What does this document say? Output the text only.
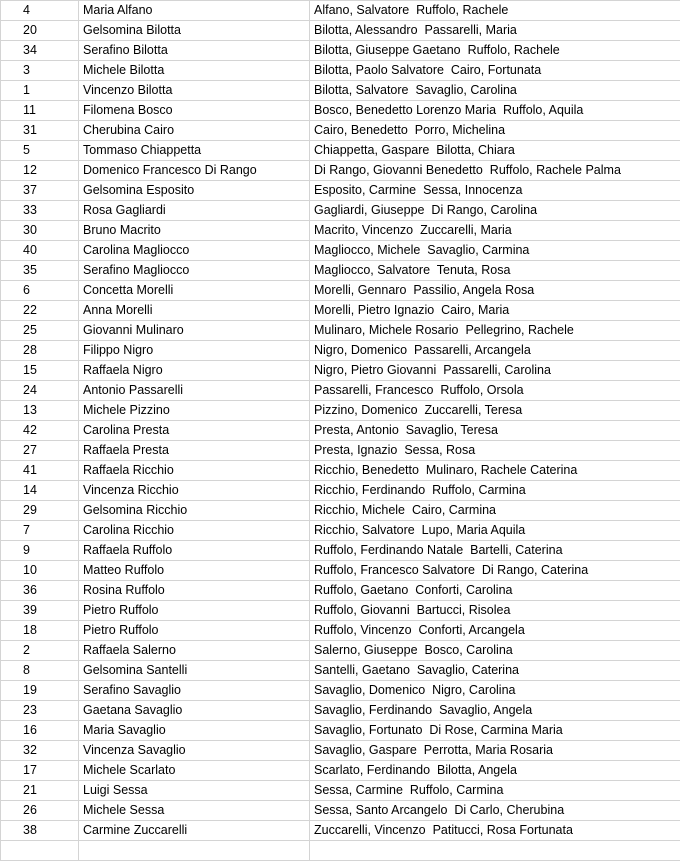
4	Maria Alfano	Alfano, Salvatore  Ruffolo, Rachele
20	Gelsomina Bilotta	Bilotta, Alessandro  Passarelli, Maria
34	Serafino Bilotta	Bilotta, Giuseppe Gaetano  Ruffolo, Rachele
3	Michele Bilotta	Bilotta, Paolo Salvatore  Cairo, Fortunata
1	Vincenzo Bilotta	Bilotta, Salvatore  Savaglio, Carolina
11	Filomena Bosco	Bosco, Benedetto Lorenzo Maria  Ruffolo, Aquila
31	Cherubina Cairo	Cairo, Benedetto  Porro, Michelina
5	Tommaso Chiappetta	Chiappetta, Gaspare  Bilotta, Chiara
12	Domenico Francesco Di Rango	Di Rango, Giovanni Benedetto  Ruffolo, Rachele Palma
37	Gelsomina Esposito	Esposito, Carmine  Sessa, Innocenza
33	Rosa Gagliardi	Gagliardi, Giuseppe  Di Rango, Carolina
30	Bruno Macrito	Macrito, Vincenzo  Zuccarelli, Maria
40	Carolina Magliocco	Magliocco, Michele  Savaglio, Carmina
35	Serafino Magliocco	Magliocco, Salvatore  Tenuta, Rosa
6	Concetta Morelli	Morelli, Gennaro  Passilio, Angela Rosa
22	Anna Morelli	Morelli, Pietro Ignazio  Cairo, Maria
25	Giovanni Mulinaro	Mulinaro, Michele Rosario  Pellegrino, Rachele
28	Filippo Nigro	Nigro, Domenico  Passarelli, Arcangela
15	Raffaela Nigro	Nigro, Pietro Giovanni  Passarelli, Carolina
24	Antonio Passarelli	Passarelli, Francesco  Ruffolo, Orsola
13	Michele Pizzino	Pizzino, Domenico  Zuccarelli, Teresa
42	Carolina Presta	Presta, Antonio  Savaglio, Teresa
27	Raffaela Presta	Presta, Ignazio  Sessa, Rosa
41	Raffaela Ricchio	Ricchio, Benedetto  Mulinaro, Rachele Caterina
14	Vincenza Ricchio	Ricchio, Ferdinando  Ruffolo, Carmina
29	Gelsomina Ricchio	Ricchio, Michele  Cairo, Carmina
7	Carolina Ricchio	Ricchio, Salvatore  Lupo, Maria Aquila
9	Raffaela Ruffolo	Ruffolo, Ferdinando Natale  Bartelli, Caterina
10	Matteo Ruffolo	Ruffolo, Francesco Salvatore  Di Rango, Caterina
36	Rosina Ruffolo	Ruffolo, Gaetano  Conforti, Carolina
39	Pietro Ruffolo	Ruffolo, Giovanni  Bartucci, Risolea
18	Pietro Ruffolo	Ruffolo, Vincenzo  Conforti, Arcangela
2	Raffaela Salerno	Salerno, Giuseppe  Bosco, Carolina
8	Gelsomina Santelli	Santelli, Gaetano  Savaglio, Caterina
19	Serafino Savaglio	Savaglio, Domenico  Nigro, Carolina
23	Gaetana Savaglio	Savaglio, Ferdinando  Savaglio, Angela
16	Maria Savaglio	Savaglio, Fortunato  Di Rose, Carmina Maria
32	Vincenza Savaglio	Savaglio, Gaspare  Perrotta, Maria Rosaria
17	Michele Scarlato	Scarlato, Ferdinando  Bilotta, Angela
21	Luigi Sessa	Sessa, Carmine  Ruffolo, Carmina
26	Michele Sessa	Sessa, Santo Arcangelo  Di Carlo, Cherubina
38	Carmine Zuccarelli	Zuccarelli, Vincenzo  Patitucci, Rosa Fortunata
